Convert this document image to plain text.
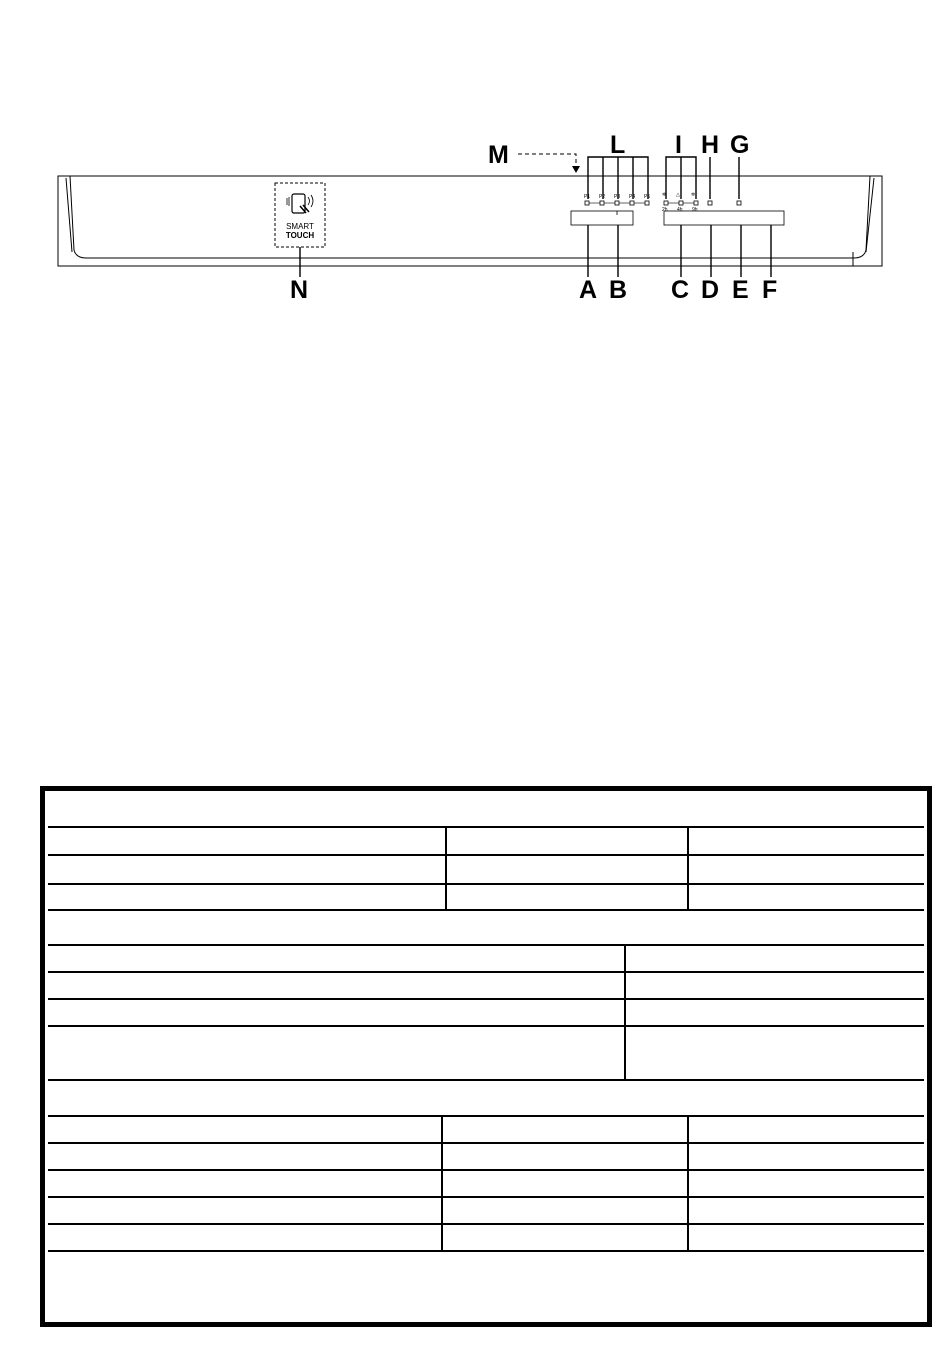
P1 P2 P3 P4 P5 ✲ △ ✲
2h 4h 9h
SMART
TOUCH
M	L I H G
N	A B C D E F
